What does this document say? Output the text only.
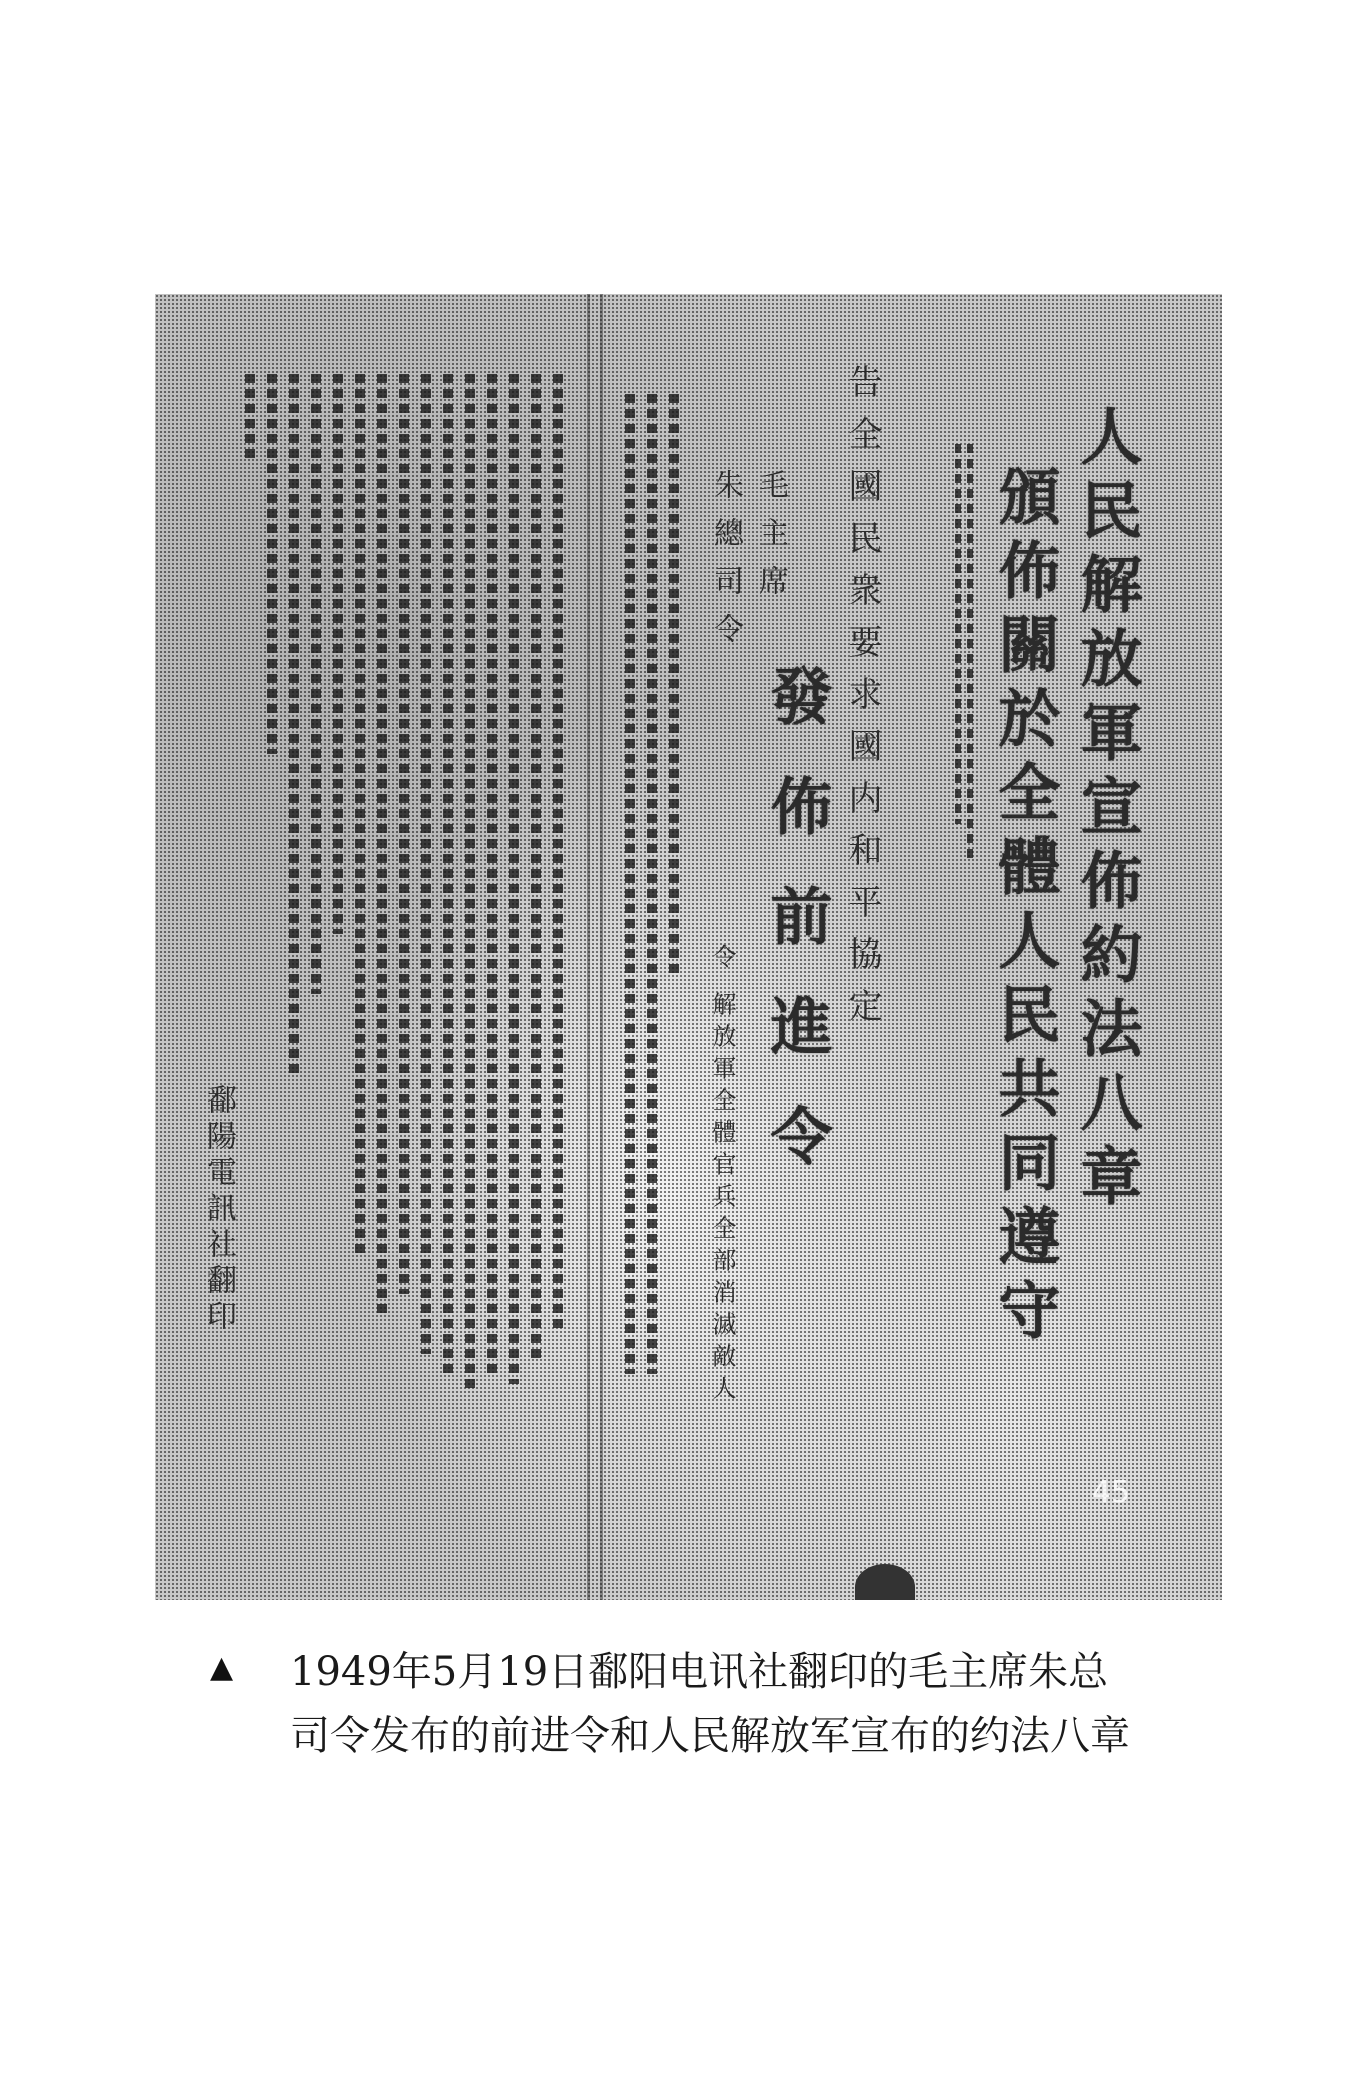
鄱陽電訊社翻印	令 解放軍全體官兵全部消滅敵人
朱總司令 毛主席
發佈前進令 告全國民衆要求國内和平協定 頒佈關於全體人民共同遵守 人民解放軍宣佈約法八章
45
▲	1949年5月19日鄱阳电讯社翻印的毛主席朱总司令发布的前进令和人民解放军宣布的约法八章
